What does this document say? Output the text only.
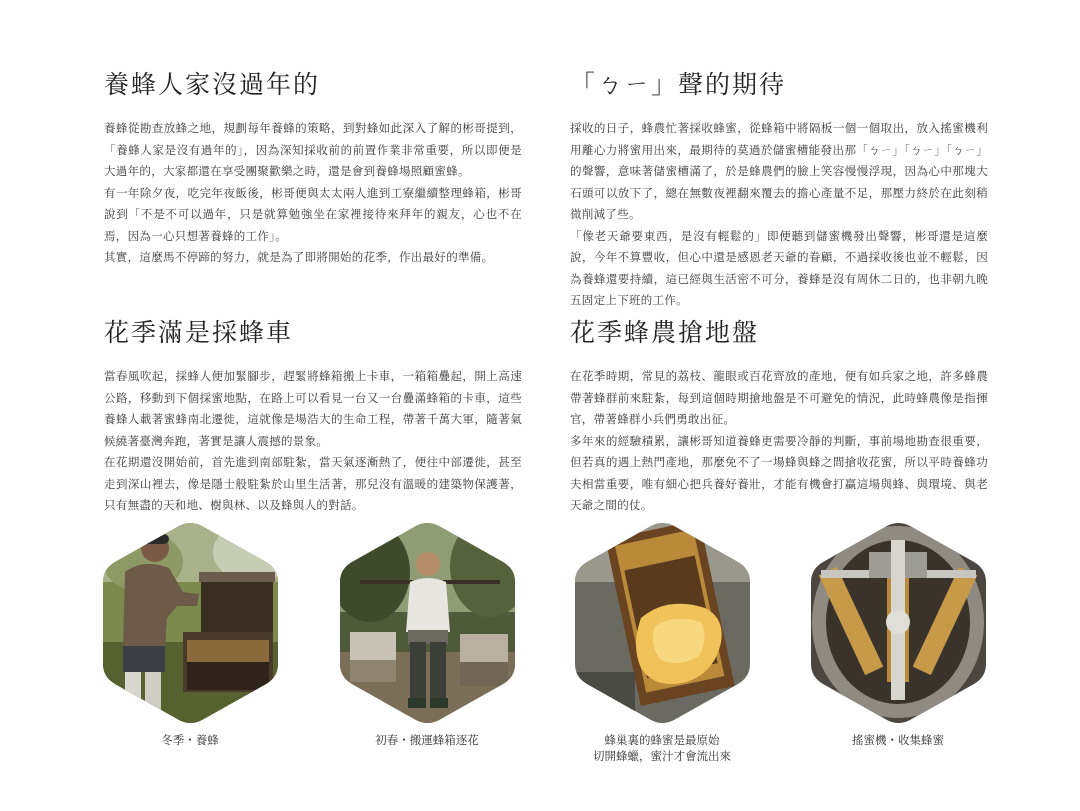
養蜂人家沒過年的

養蜂從勘查放蜂之地，規劃每年養蜂的策略，到對蜂如此深入了解的彬哥提到，「養蜂人家是沒有過年的」，因為深知採收前的前置作業非常重要，所以即便是大過年的，大家都還在享受團聚歡樂之時，還是會到養蜂場照顧蜜蜂。

有一年除夕夜，吃完年夜飯後，彬哥便與太太兩人進到工寮繼續整理蜂箱，彬哥說到「不是不可以過年，只是就算勉強坐在家裡接待來拜年的親友，心也不在焉，因為一心只想著養蜂的工作」。

其實，這麼馬不停蹄的努力，就是為了即將開始的花季，作出最好的準備。

「ㄅㄧ」聲的期待

採收的日子，蜂農忙著採收蜂蜜，從蜂箱中將隔板一個一個取出，放入搖蜜機利用離心力將蜜用出來，最期待的莫過於儲蜜槽能發出那「ㄅㄧ」「ㄅㄧ」「ㄅㄧ」的聲響，意味著儲蜜槽滿了，於是蜂農們的臉上笑容慢慢浮現，因為心中那塊大石頭可以放下了，總在無數夜裡翻來覆去的擔心產量不足，那壓力終於在此刻稍微削減了些。

「像老天爺要東西，是沒有輕鬆的」即便聽到儲蜜機發出聲響，彬哥還是這麼說，今年不算豐收，但心中還是感恩老天爺的眷顧，不過採收後也並不輕鬆，因為養蜂還要持續，這已經與生活密不可分，養蜂是沒有周休二日的，也非朝九晚五固定上下班的工作。

花季滿是採蜂車

當春風吹起，採蜂人便加緊腳步，趕緊將蜂箱搬上卡車，一箱箱疊起，開上高速公路，移動到下個採蜜地點，在路上可以看見一台又一台疊滿蜂箱的卡車，這些養蜂人載著蜜蜂南北遷徙，這就像是場浩大的生命工程，帶著千萬大軍，隨著氣候繞著臺灣奔跑，著實是讓人震撼的景象。

在花期還沒開始前，首先進到南部駐紮，當天氣逐漸熱了，便往中部遷徙，甚至走到深山裡去，像是隱士般駐紮於山里生活著，那兒沒有溫暖的建築物保護著，只有無盡的天和地、樹與林、以及蜂與人的對話。

花季蜂農搶地盤

在花季時期，常見的荔枝、龍眼或百花齊放的產地，便有如兵家之地，許多蜂農帶著蜂群前來駐紮，每到這個時期搶地盤是不可避免的情況，此時蜂農像是指揮官，帶著蜂群小兵們勇敢出征。

多年來的經驗積累，讓彬哥知道養蜂更需要冷靜的判斷，事前場地勘查很重要，但若真的遇上熱門產地，那麼免不了一場蜂與蜂之間搶收花蜜，所以平時養蜂功夫相當重要，唯有細心把兵養好養壯，才能有機會打贏這場與蜂、與環境、與老天爺之間的仗。

冬季・養蜂	初春・搬運蜂箱逐花	蜂巢裏的蜂蜜是最原始
切開蜂蠟，蜜汁才會流出來
搖蜜機・收集蜂蜜
